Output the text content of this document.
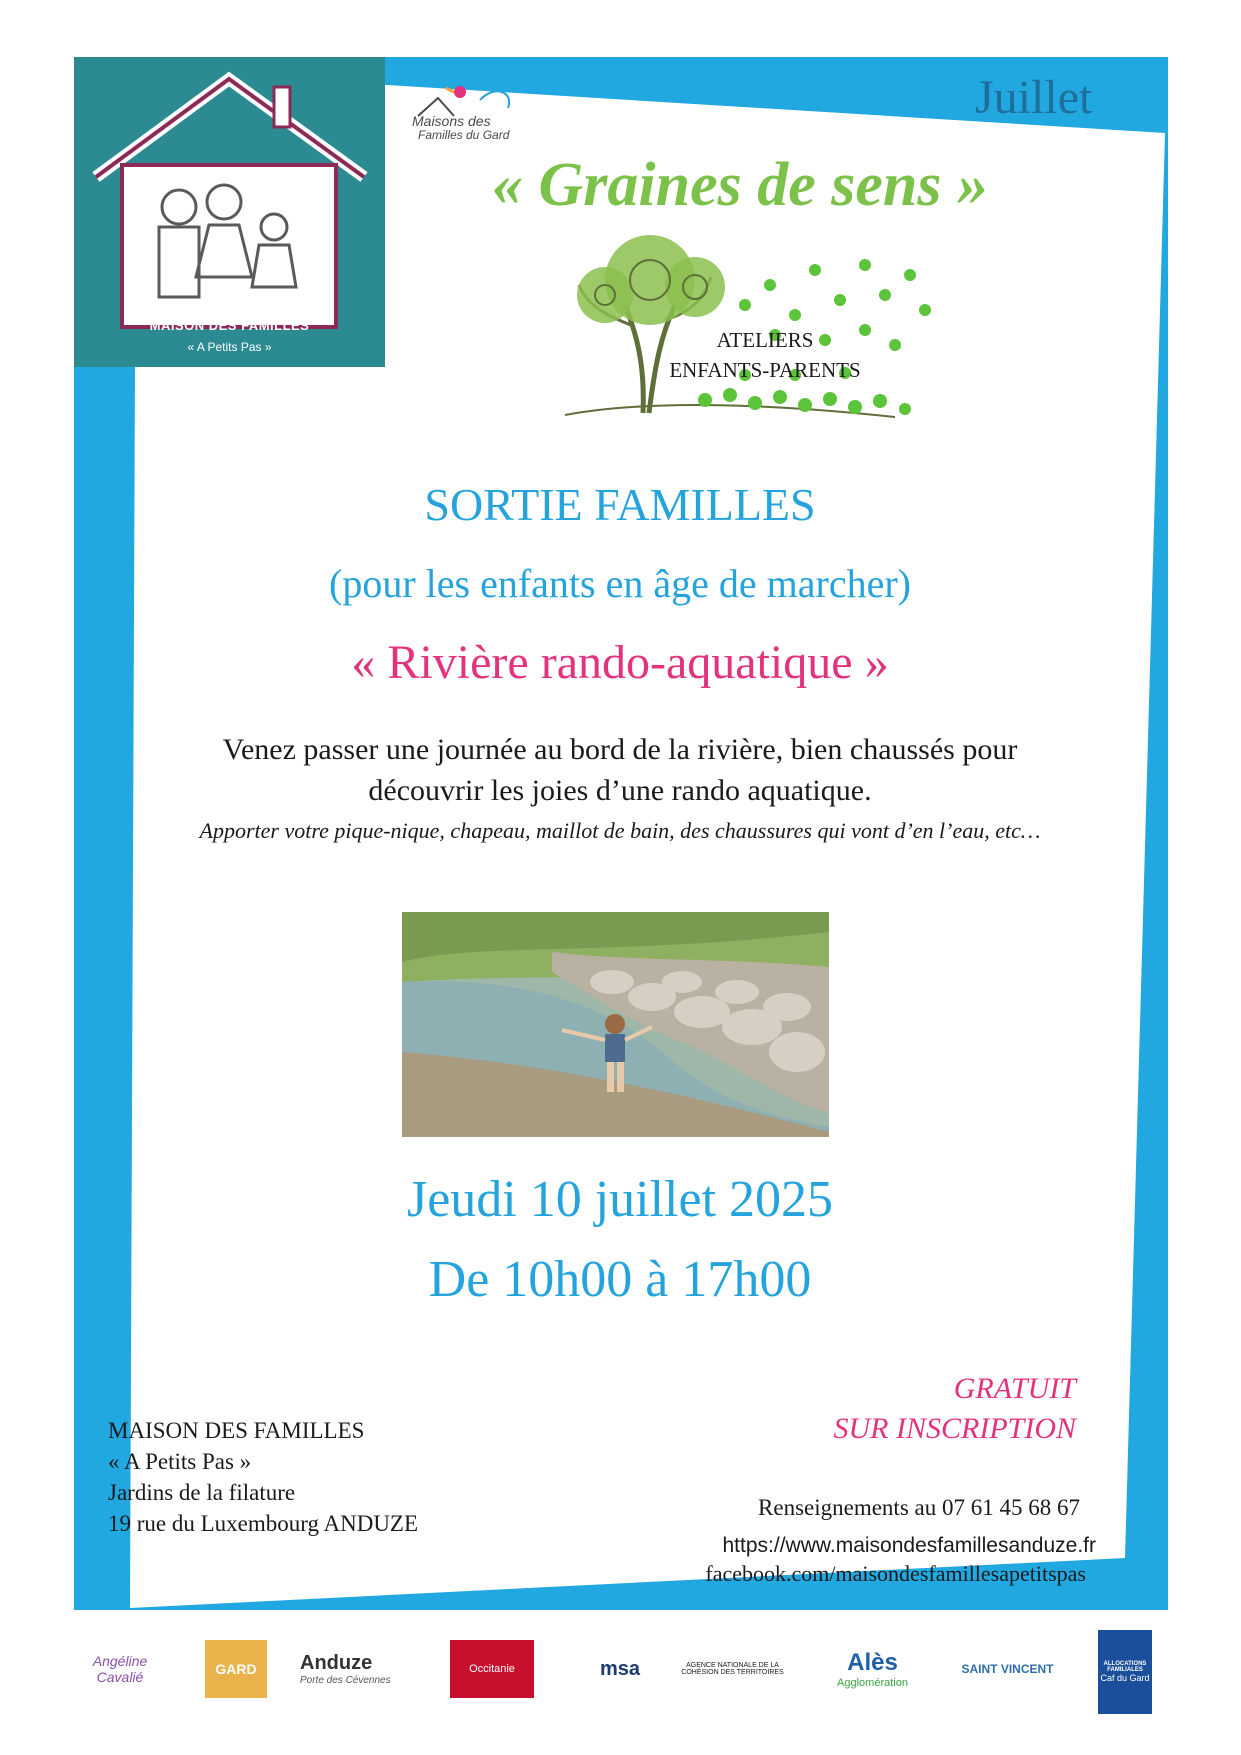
MAISON DES FAMILLES
« A Petits Pas »
Maisons des
Familles du Gard
Juillet
« Graines de sens »
ATELIERS
ENFANTS-PARENTS
SORTIE FAMILLES
(pour les enfants en âge de marcher)
« Rivière rando-aquatique »
Venez passer une journée au bord de la rivière, bien chaussés pour
découvrir les joies d’une rando aquatique.
Apporter votre pique-nique, chapeau, maillot de bain, des chaussures qui vont d’en l’eau, etc…
Jeudi 10 juillet 2025
De 10h00 à 17h00
GRATUIT
SUR INSCRIPTION
MAISON DES FAMILLES
« A Petits Pas »
Jardins de la filature
19 rue du Luxembourg ANDUZE
Renseignements au 07 61 45 68 67
https://www.maisondesfamillesanduze.fr
facebook.com/maisondesfamillesapetitspas
Angéline Cavalié	GARD Anduze
Porte des Cévennes
Occitanie	msa	AGENCE NATIONALE DE LA COHÉSION DES TERRITOIRES	Alès
Agglomération
SAINT VINCENT	ALLOCATIONS FAMILIALES
Caf du Gard
